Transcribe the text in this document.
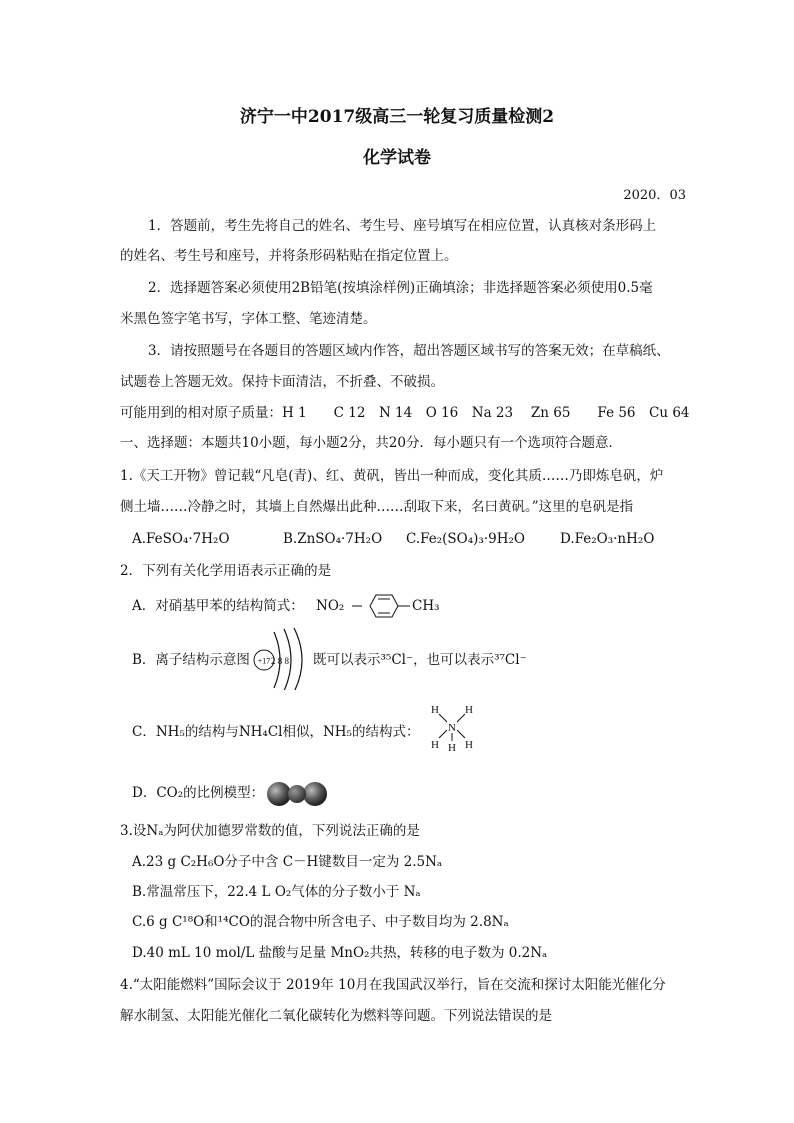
济宁一中2017级高三一轮复习质量检测2
化学试卷
2020．03
1．答题前，考生先将自己的姓名、考生号、座号填写在相应位置，认真核对条形码上
的姓名、考生号和座号，并将条形码粘贴在指定位置上。
2．选择题答案必须使用2B铅笔(按填涂样例)正确填涂；非选择题答案必须使用0.5毫
米黑色签字笔书写，字体工整、笔迹清楚。
3．请按照题号在各题目的答题区域内作答，超出答题区域书写的答案无效；在草稿纸、
试题卷上答题无效。保持卡面清洁，不折叠、不破损。
可能用到的相对原子质量：H 1　　C 12　N 14　O 16　Na 23　 Zn 65　　Fe 56　Cu 64
一、选择题：本题共10小题，每小题2分，共20分．每小题只有一个选项符合题意．
1.《天工开物》曾记载“凡皂(青)、红、黄矾，皆出一种而成，变化其质……乃即炼皂矾，炉
侧土墙……冷静之时，其墙上自然爆出此种……刮取下来，名曰黄矾。”这里的皂矾是指
A.FeSO₄·7H₂O	B.ZnSO₄·7H₂O C.Fe₂(SO₄)₃·9H₂O	D.Fe₂O₃·nH₂O
2．下列有关化学用语表示正确的是
A．对硝基甲苯的结构简式： NO₂	CH₃
B．离子结构示意图 +17 2 8 8 既可以表示³⁵Cl⁻，也可以表示³⁷Cl⁻
C．NH₅的结构与NH₄Cl相似，NH₅的结构式：
H H
N
H H H
D．CO₂的比例模型：
3.设Nₐ为阿伏加德罗常数的值，下列说法正确的是
A.23 g C₂H₆O分子中含 C－H键数目一定为 2.5Nₐ
B.常温常压下，22.4 L O₂气体的分子数小于 Nₐ
C.6 g C¹⁸O和¹⁴CO的混合物中所含电子、中子数目均为 2.8Nₐ
D.40 mL 10 mol/L 盐酸与足量 MnO₂共热，转移的电子数为 0.2Nₐ
4.“太阳能燃料”国际会议于 2019年 10月在我国武汉举行，旨在交流和探讨太阳能光催化分
解水制氢、太阳能光催化二氧化碳转化为燃料等问题。下列说法错误的是
